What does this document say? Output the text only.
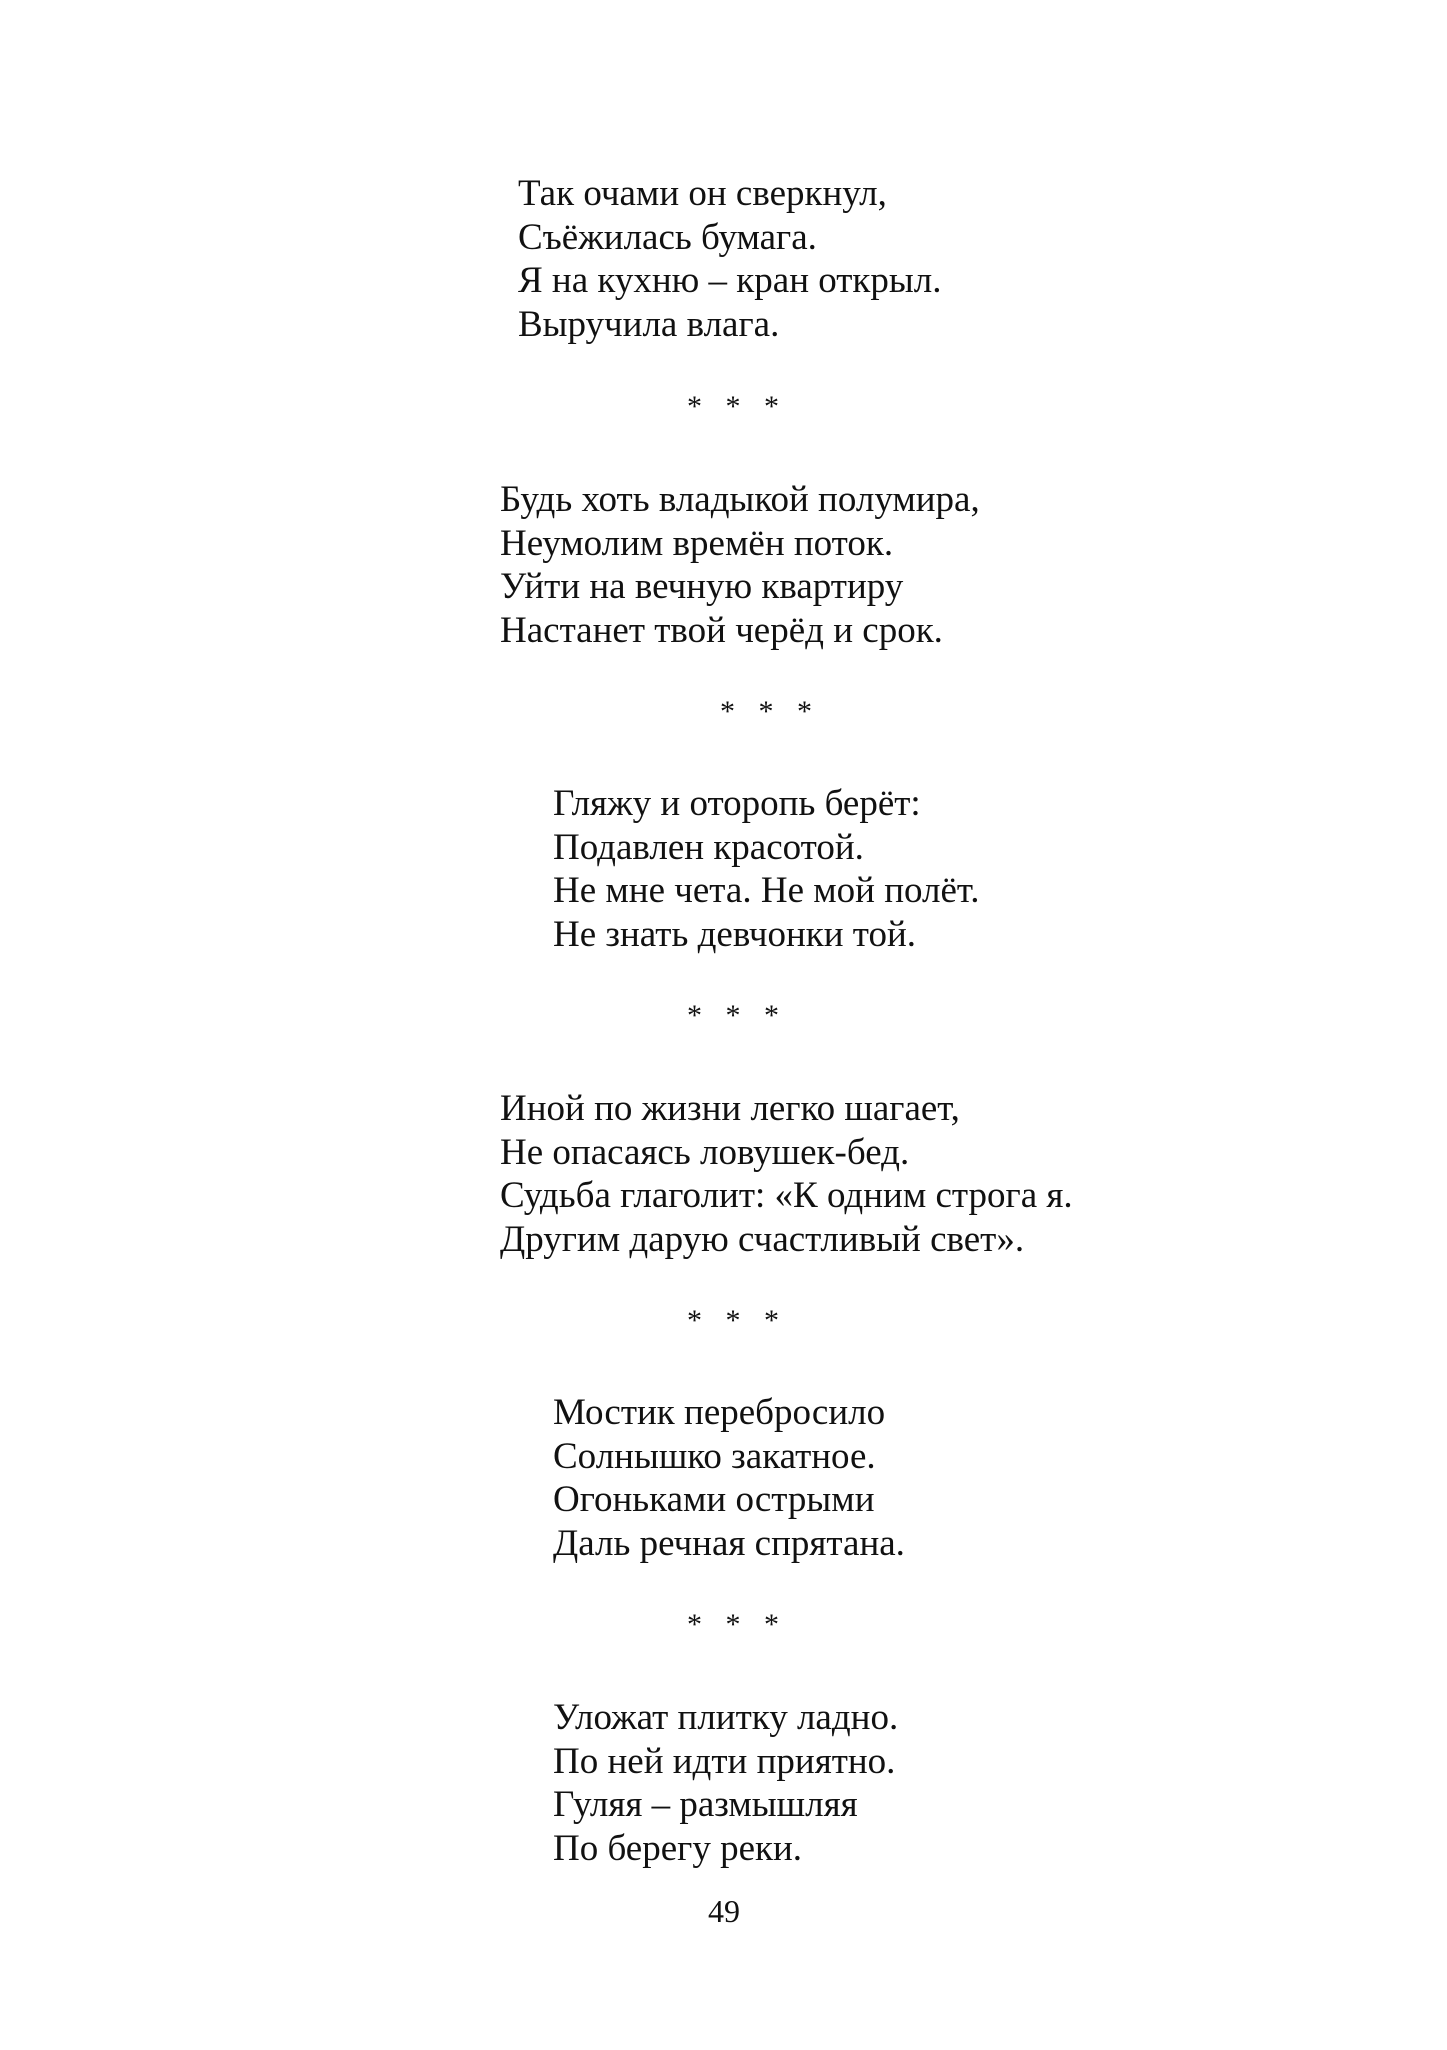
Так очами он сверкнул,
Съёжилась бумага.
Я на кухню – кран открыл.
Выручила влага.
* * *
Будь хоть владыкой полумира,
Неумолим времён поток.
Уйти на вечную квартиру
Настанет твой черёд и срок.
* * *
Гляжу и оторопь берёт:
Подавлен красотой.
Не мне чета. Не мой полёт.
Не знать девчонки той.
* * *
Иной по жизни легко шагает,
Не опасаясь ловушек-бед.
Судьба глаголит: «К одним строга я.
Другим дарую счастливый свет».
* * *
Мостик перебросило
Солнышко закатное.
Огоньками острыми
Даль речная спрятана.
* * *
Уложат плитку ладно.
По ней идти приятно.
Гуляя – размышляя
По берегу реки.
49
